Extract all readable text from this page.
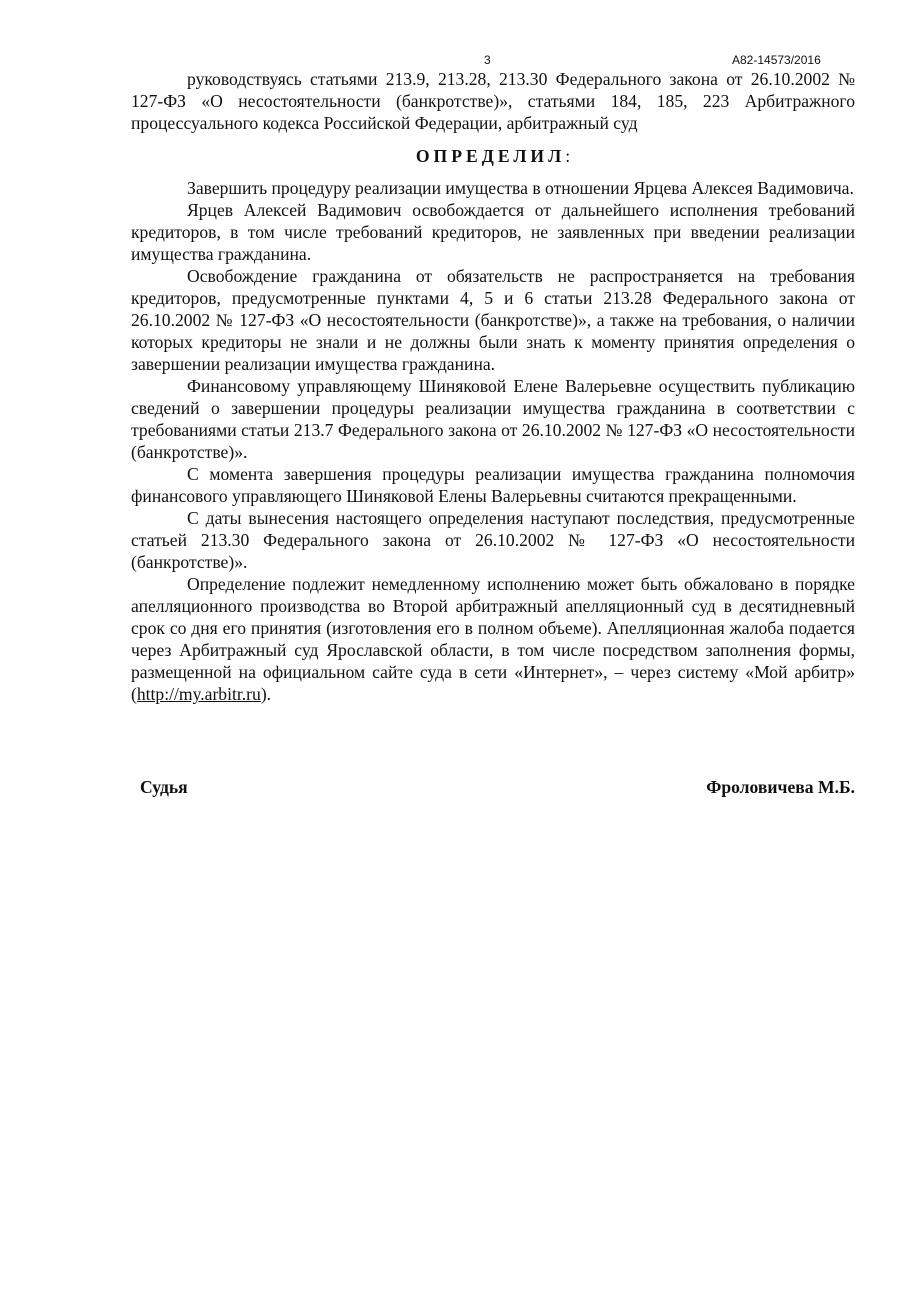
3	А82-14573/2016

руководствуясь статьями 213.9, 213.28, 213.30 Федерального закона от 26.10.2002 № 127-ФЗ «О несостоятельности (банкротстве)», статьями 184, 185, 223 Арбитражного процессуального кодекса Российской Федерации, арбитражный суд

ОПРЕДЕЛИЛ:

Завершить процедуру реализации имущества в отношении Ярцева Алексея Вадимовича.

Ярцев Алексей Вадимович освобождается от дальнейшего исполнения требований кредиторов, в том числе требований кредиторов, не заявленных при введении реализации имущества гражданина.

Освобождение гражданина от обязательств не распространяется на требования кредиторов, предусмотренные пунктами 4, 5 и 6 статьи 213.28 Федерального закона от 26.10.2002 № 127-ФЗ «О несостоятельности (банкротстве)», а также на требования, о наличии которых кредиторы не знали и не должны были знать к моменту принятия определения о завершении реализации имущества гражданина.

Финансовому управляющему Шиняковой Елене Валерьевне осуществить публикацию сведений о завершении процедуры реализации имущества гражданина в соответствии с требованиями статьи 213.7 Федерального закона от 26.10.2002 № 127-ФЗ «О несостоятельности (банкротстве)».

С момента завершения процедуры реализации имущества гражданина полномочия финансового управляющего Шиняковой Елены Валерьевны считаются прекращенными.

С даты вынесения настоящего определения наступают последствия, предусмотренные статьей 213.30 Федерального закона от 26.10.2002 № 127-ФЗ «О несостоятельности (банкротстве)».

Определение подлежит немедленному исполнению может быть обжаловано в порядке апелляционного производства во Второй арбитражный апелляционный суд в десятидневный срок со дня его принятия (изготовления его в полном объеме). Апелляционная жалоба подается через Арбитражный суд Ярославской области, в том числе посредством заполнения формы, размещенной на официальном сайте суда в сети «Интернет», – через систему «Мой арбитр» (http://my.arbitr.ru).

Судья	Фроловичева М.Б.
